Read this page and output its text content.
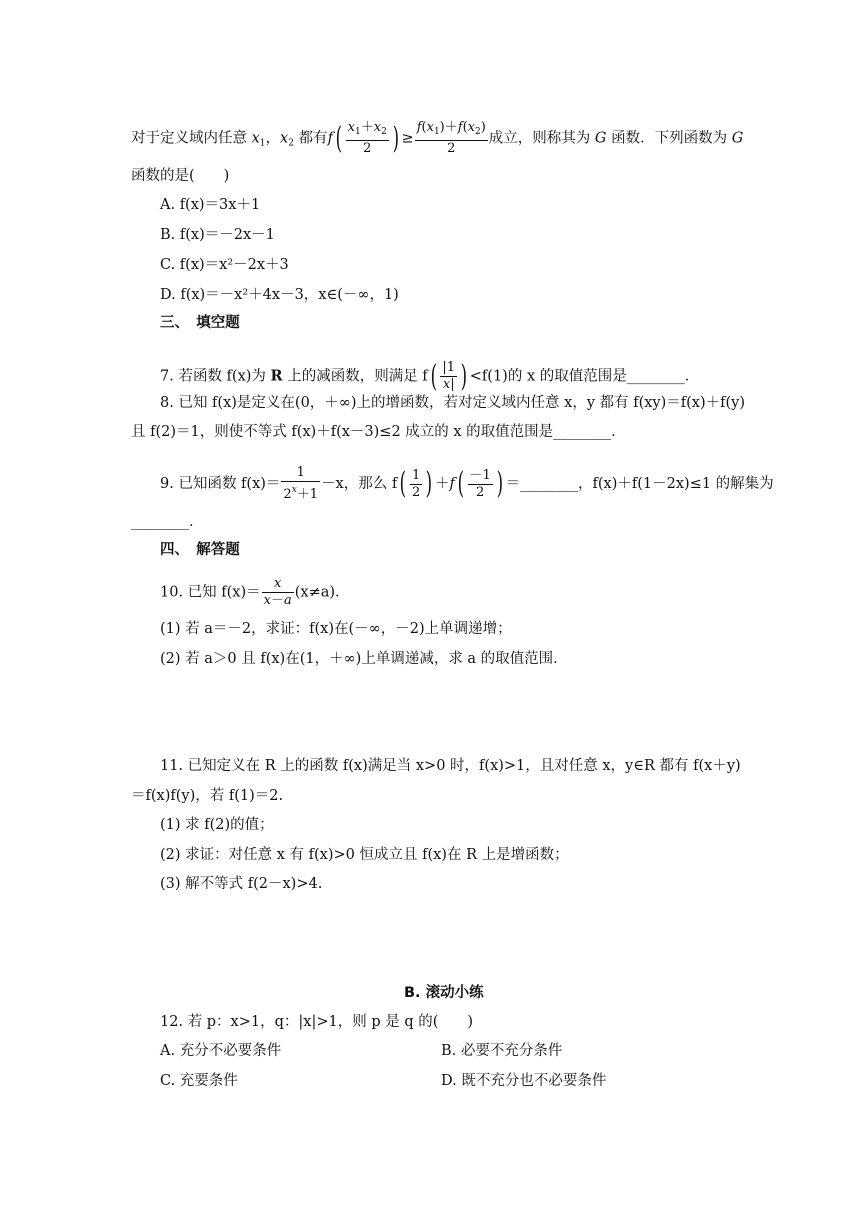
对于定义域内任意 $x_1$，$x_2$ 都有$f( \frac{x_1+x_2}{2}$ ) ≥ $\frac{f(x_1)+f(x_2)}{2}$ 成立，则称其为 G 函数．下列函数为 G
函数的是(　　)
A. f(x)＝3x＋1
B. f(x)＝－2x－1
C. f(x)＝x²－2x＋3
D. f(x)＝－x²＋4x－3，x∈(－∞，1)
三、　填空题
7. 若函数 f(x)为 R 上的减函数，则满足 $f( \frac{|1}{x|}$ ) <f(1)的 x 的取值范围是________．
8. 已知 f(x)是定义在(0，＋∞)上的增函数，若对定义域内任意 x，y 都有 f(xy)＝f(x)＋f(y)
且 f(2)＝1，则使不等式 f(x)＋f(x－3)≤2 成立的 x 的取值范围是________．
9. 已知函数 $f(x)= \frac{1}{2^x+1} -x$，那么 $f( \frac{1}{2}$ ) $+f( \frac{-1}{2}$ ) ＝________，f(x)＋f(1－2x)≤1 的解集为
________．
四、　解答题
10. 已知 $f(x)= \frac{x}{x-a} (x\ne a)$．
(1) 若 a＝－2，求证：f(x)在(－∞，－2)上单调递增；
(2) 若 a＞0 且 f(x)在(1，＋∞)上单调递减，求 a 的取值范围．
11. 已知定义在 R 上的函数 f(x)满足当 x>0 时，f(x)>1，且对任意 x，y∈R 都有 f(x＋y)
＝f(x)f(y)，若 f(1)＝2.
(1) 求 f(2)的值；
(2) 求证：对任意 x 有 f(x)>0 恒成立且 f(x)在 R 上是增函数；
(3) 解不等式 f(2－x)>4.
B. 滚动小练
12. 若 p：x>1，q：|x|>1，则 p 是 q 的(　　)
A. 充分不必要条件	B. 必要不充分条件
C. 充要条件	D. 既不充分也不必要条件
